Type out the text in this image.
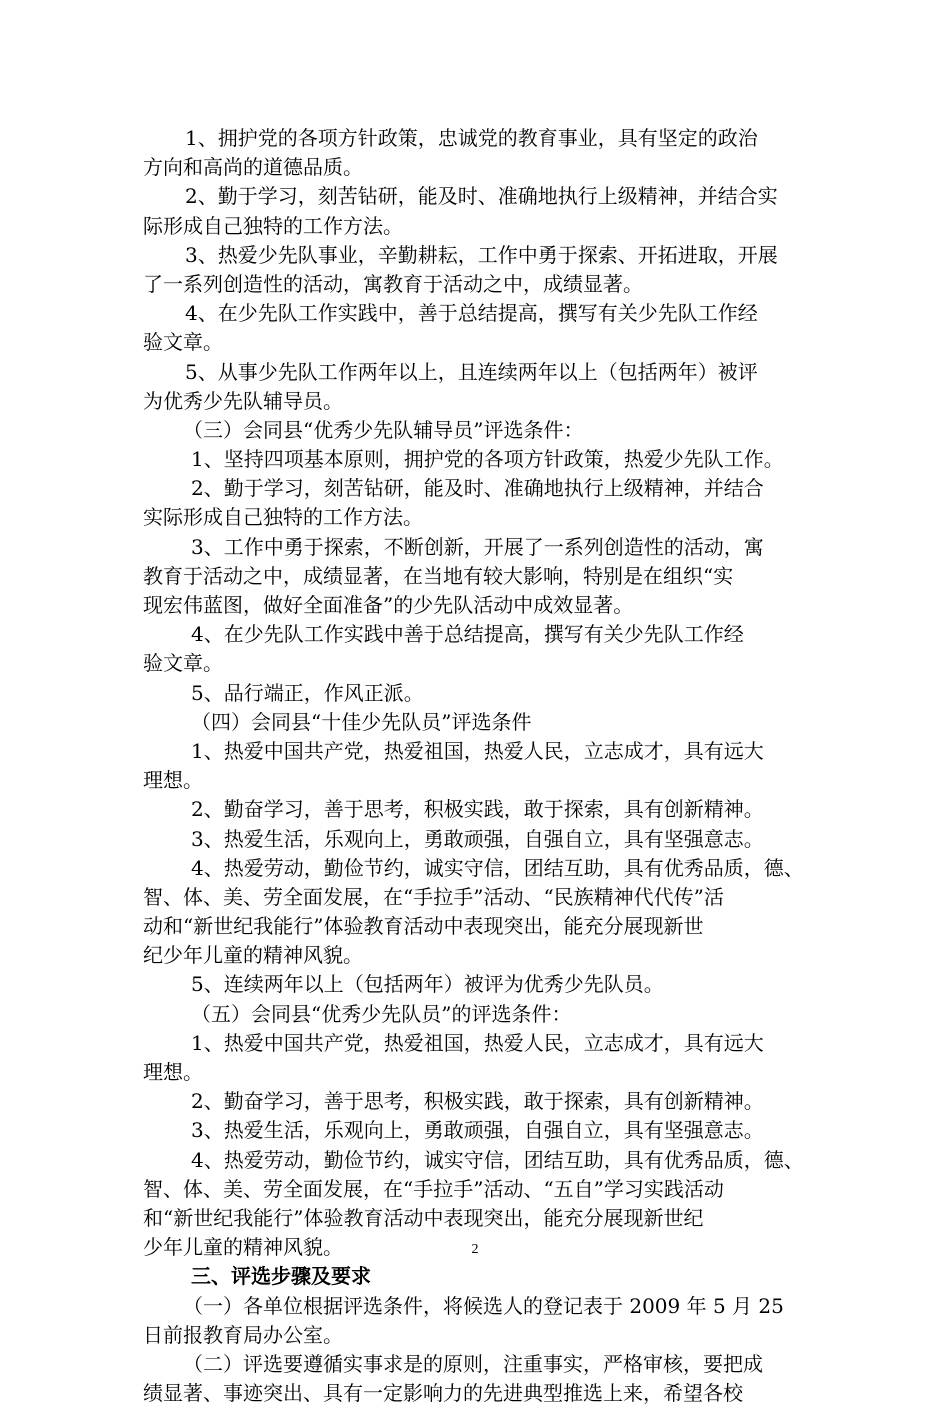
1、拥护党的各项方针政策，忠诚党的教育事业，具有坚定的政治
方向和高尚的道德品质。
2、勤于学习，刻苦钻研，能及时、准确地执行上级精神，并结合实
际形成自己独特的工作方法。
3、热爱少先队事业，辛勤耕耘，工作中勇于探索、开拓进取，开展
了一系列创造性的活动，寓教育于活动之中，成绩显著。
4、在少先队工作实践中，善于总结提高，撰写有关少先队工作经
验文章。
5、从事少先队工作两年以上，且连续两年以上（包括两年）被评
为优秀少先队辅导员。
（三）会同县“优秀少先队辅导员”评选条件：
1、坚持四项基本原则，拥护党的各项方针政策，热爱少先队工作。
2、勤于学习，刻苦钻研，能及时、准确地执行上级精神，并结合
实际形成自己独特的工作方法。
3、工作中勇于探索，不断创新，开展了一系列创造性的活动，寓
教育于活动之中，成绩显著，在当地有较大影响，特别是在组织“实
现宏伟蓝图，做好全面准备”的少先队活动中成效显著。
4、在少先队工作实践中善于总结提高，撰写有关少先队工作经
验文章。
5、品行端正，作风正派。
（四）会同县“十佳少先队员”评选条件
1、热爱中国共产党，热爱祖国，热爱人民，立志成才，具有远大
理想。
2、勤奋学习，善于思考，积极实践，敢于探索，具有创新精神。
3、热爱生活，乐观向上，勇敢顽强，自强自立，具有坚强意志。
4、热爱劳动，勤俭节约，诚实守信，团结互助，具有优秀品质，德、
智、体、美、劳全面发展，在“手拉手”活动、“民族精神代代传”活
动和“新世纪我能行”体验教育活动中表现突出，能充分展现新世
纪少年儿童的精神风貌。
5、连续两年以上（包括两年）被评为优秀少先队员。
（五）会同县“优秀少先队员”的评选条件：
1、热爱中国共产党，热爱祖国，热爱人民，立志成才，具有远大
理想。
2、勤奋学习，善于思考，积极实践，敢于探索，具有创新精神。
3、热爱生活，乐观向上，勇敢顽强，自强自立，具有坚强意志。
4、热爱劳动，勤俭节约，诚实守信，团结互助，具有优秀品质，德、
智、体、美、劳全面发展，在“手拉手”活动、“五自”学习实践活动
和“新世纪我能行”体验教育活动中表现突出，能充分展现新世纪
少年儿童的精神风貌。
三、评选步骤及要求
（一）各单位根据评选条件，将候选人的登记表于 2009 年 5 月 25
日前报教育局办公室。
（二）评选要遵循实事求是的原则，注重事实，严格审核，要把成
绩显著、事迹突出、具有一定影响力的先进典型推选上来，希望各校
2
